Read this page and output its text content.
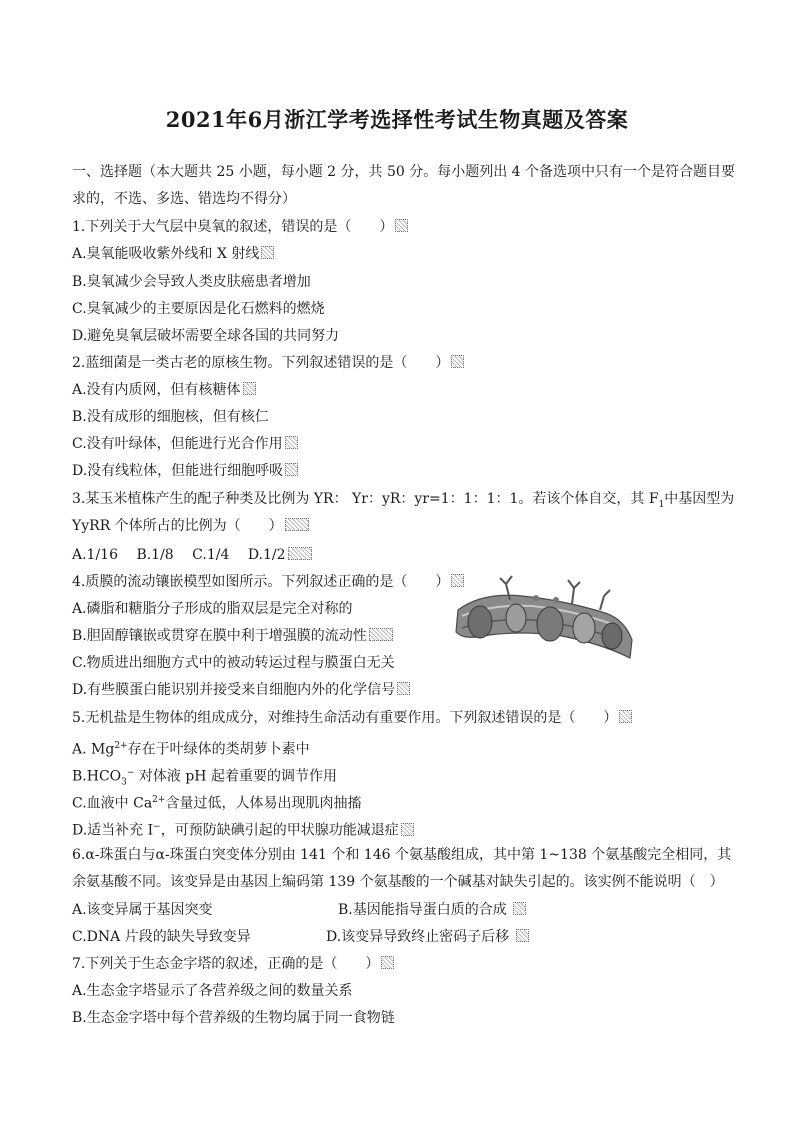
2021年6月浙江学考选择性考试生物真题及答案
一、选择题（本大题共 25 小题，每小题 2 分，共 50 分。每小题列出 4 个备选项中只有一个是符合题目要
求的，不选、多选、错选均不得分）
1.下列关于大气层中臭氧的叙述，错误的是（　　）
A.臭氧能吸收紫外线和 X 射线
B.臭氧减少会导致人类皮肤癌患者增加
C.臭氧减少的主要原因是化石燃料的燃烧
D.避免臭氧层破坏需要全球各国的共同努力
2.蓝细菌是一类古老的原核生物。下列叙述错误的是（　　）
A.没有内质网，但有核糖体
B.没有成形的细胞核，但有核仁
C.没有叶绿体，但能进行光合作用
D.没有线粒体，但能进行细胞呼吸
3.某玉米植株产生的配子种类及比例为 YR： Yr：yR：yr=1：1：1：1。若该个体自交，其 $F_1$中基因型为
YyRR 个体所占的比例为（　　）
A.1/16　 B.1/8　 C.1/4　 D.1/2
4.质膜的流动镶嵌模型如图所示。下列叙述正确的是（　　）
A.磷脂和糖脂分子形成的脂双层是完全对称的
B.胆固醇镶嵌或贯穿在膜中利于增强膜的流动性
C.物质进出细胞方式中的被动转运过程与膜蛋白无关
D.有些膜蛋白能识别并接受来自细胞内外的化学信号
5.无机盐是生物体的组成成分，对维持生命活动有重要作用。下列叙述错误的是（　　）
A. $Mg^{2+}$存在于叶绿体的类胡萝卜素中
$B.HCO_3^-$ 对体液 pH 起着重要的调节作用
C.血液中 $Ca^{2+}$含量过低，人体易出现肌肉抽搐
D.适当补充 I−，可预防缺碘引起的甲状腺功能减退症
6.α-珠蛋白与α-珠蛋白突变体分别由 141 个和 146 个氨基酸组成，其中第 1~138 个氨基酸完全相同，其
余氨基酸不同。该变异是由基因上编码第 139 个氨基酸的一个碱基对缺失引起的。该实例不能说明（　）
A.该变异属于基因突变	B.基因能指导蛋白质的合成
C.DNA 片段的缺失导致变异	D.该变异导致终止密码子后移
7.下列关于生态金字塔的叙述，正确的是（　　）
A.生态金字塔显示了各营养级之间的数量关系
B.生态金字塔中每个营养级的生物均属于同一食物链
